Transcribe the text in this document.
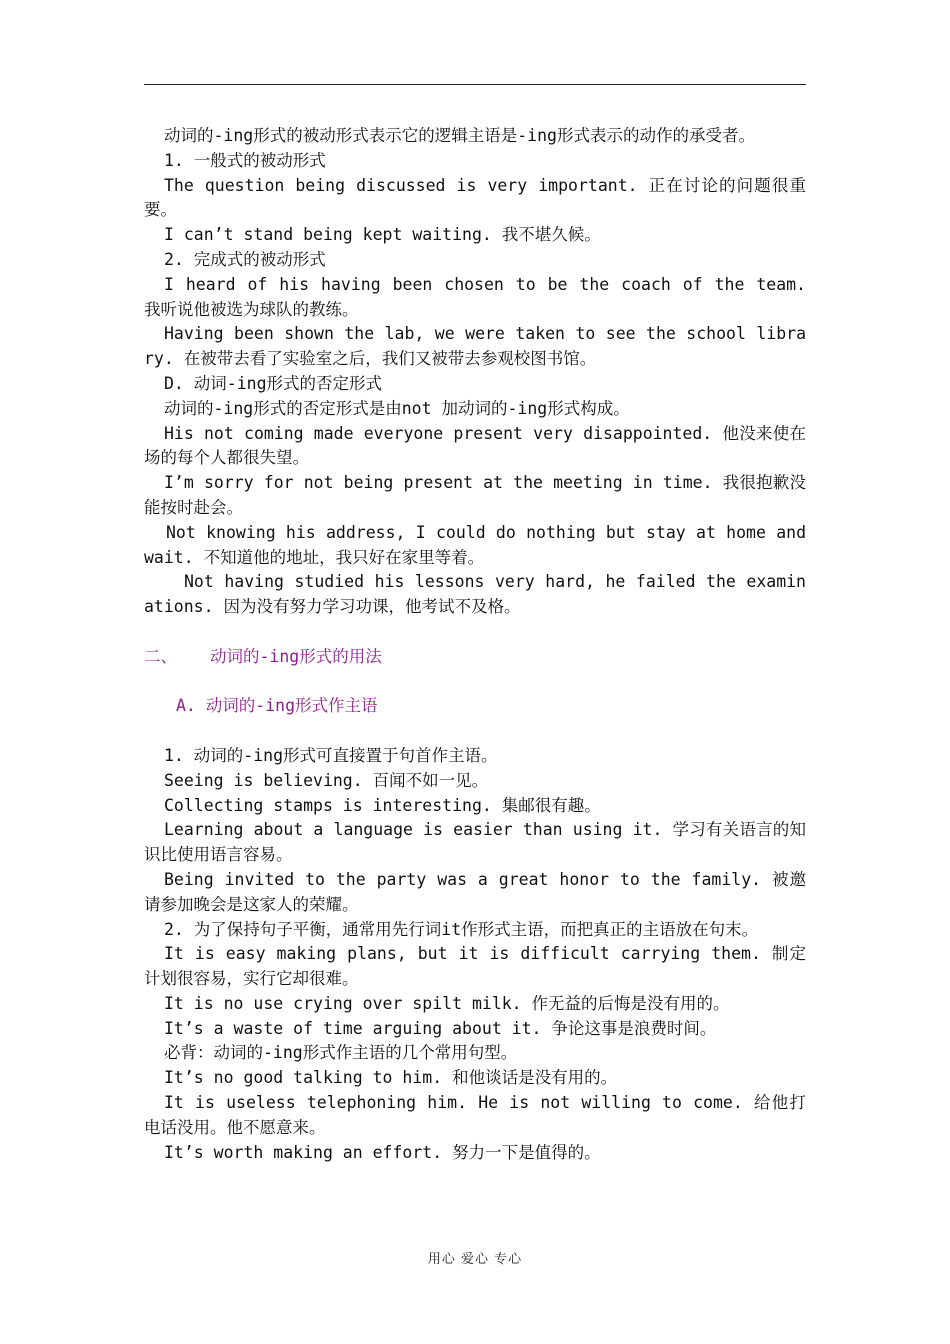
动词的-ing形式的被动形式表示它的逻辑主语是-ing形式表示的动作的承受者。

1. 一般式的被动形式

The question being discussed is very important. 正在讨论的问题很重要。

I can’t stand being kept waiting. 我不堪久候。

2. 完成式的被动形式

I heard of his having been chosen to be the coach of the team. 我听说他被选为球队的教练。

Having been shown the lab, we were taken to see the school library. 在被带去看了实验室之后，我们又被带去参观校图书馆。

D. 动词-ing形式的否定形式

动词的-ing形式的否定形式是由not 加动词的-ing形式构成。

His not coming made everyone present very disappointed. 他没来使在场的每个人都很失望。

I’m sorry for not being present at the meeting in time. 我很抱歉没能按时赴会。

Not knowing his address, I could do nothing but stay at home and wait. 不知道他的地址，我只好在家里等着。

Not having studied his lessons very hard, he failed the examinations. 因为没有努力学习功课，他考试不及格。

二、 动词的-ing形式的用法

A. 动词的-ing形式作主语

1. 动词的-ing形式可直接置于句首作主语。

Seeing is believing. 百闻不如一见。

Collecting stamps is interesting. 集邮很有趣。

Learning about a language is easier than using it. 学习有关语言的知识比使用语言容易。

Being invited to the party was a great honor to the family. 被邀请参加晚会是这家人的荣耀。

2. 为了保持句子平衡，通常用先行词it作形式主语，而把真正的主语放在句末。

It is easy making plans, but it is difficult carrying them. 制定计划很容易，实行它却很难。

It is no use crying over spilt milk. 作无益的后悔是没有用的。

It’s a waste of time arguing about it. 争论这事是浪费时间。

必背：动词的-ing形式作主语的几个常用句型。

It’s no good talking to him. 和他谈话是没有用的。

It is useless telephoning him. He is not willing to come. 给他打电话没用。他不愿意来。

It’s worth making an effort. 努力一下是值得的。

用心 爱心 专心
